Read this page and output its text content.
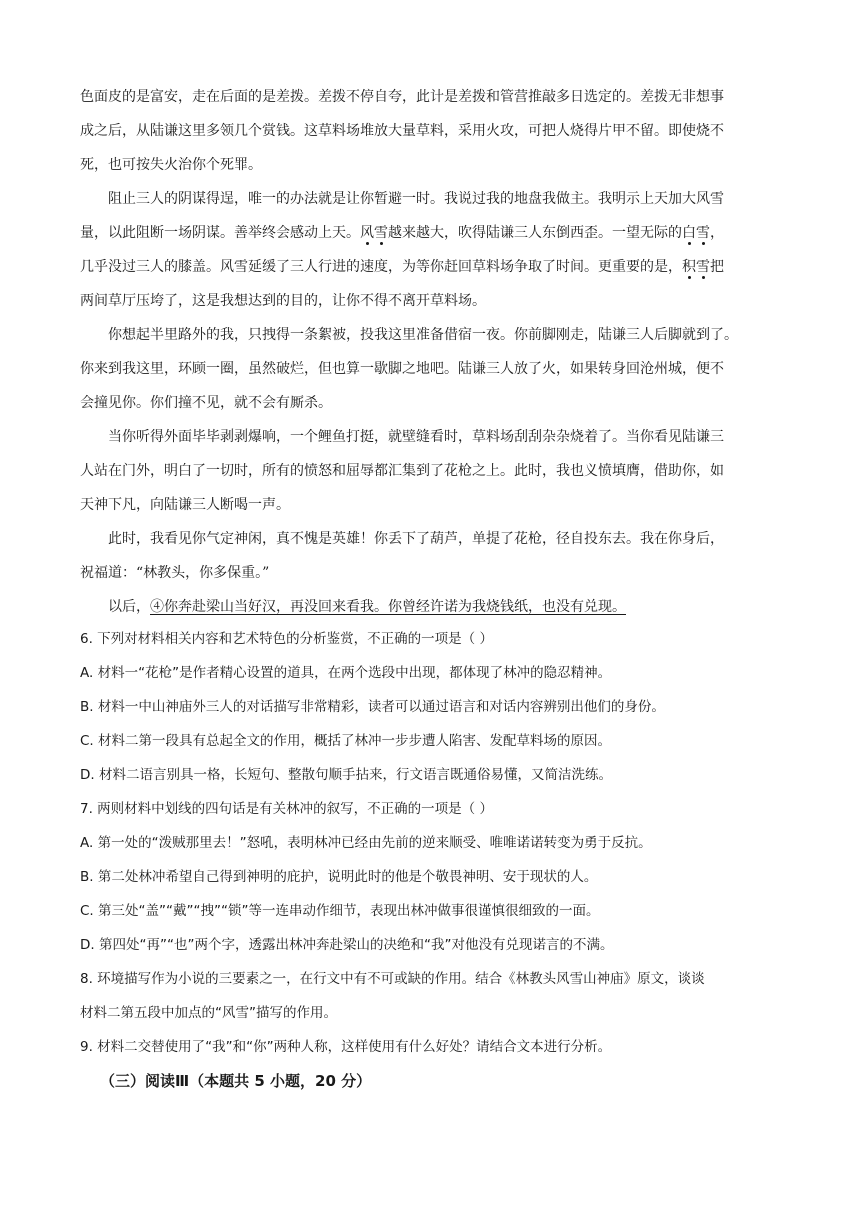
色面皮的是富安，走在后面的是差拨。差拨不停自夸，此计是差拨和管营推敲多日选定的。差拨无非想事
成之后，从陆谦这里多领几个赏钱。这草料场堆放大量草料，采用火攻，可把人烧得片甲不留。即使烧不
死，也可按失火治你个死罪。

阻止三人的阴谋得逞，唯一的办法就是让你暂避一时。我说过我的地盘我做主。我明示上天加大风雪
量，以此阻断一场阴谋。善举终会感动上天。风雪越来越大，吹得陆谦三人东倒西歪。一望无际的白雪，
几乎没过三人的膝盖。风雪延缓了三人行进的速度，为等你赶回草料场争取了时间。更重要的是，积雪把
两间草厅压垮了，这是我想达到的目的，让你不得不离开草料场。

你想起半里路外的我，只拽得一条絮被，投我这里准备借宿一夜。你前脚刚走，陆谦三人后脚就到了。
你来到我这里，环顾一圈，虽然破烂，但也算一歇脚之地吧。陆谦三人放了火，如果转身回沧州城，便不
会撞见你。你们撞不见，就不会有厮杀。

当你听得外面毕毕剥剥爆响，一个鲤鱼打挺，就壁缝看时，草料场刮刮杂杂烧着了。当你看见陆谦三
人站在门外，明白了一切时，所有的愤怒和屈辱都汇集到了花枪之上。此时，我也义愤填膺，借助你，如
天神下凡，向陆谦三人断喝一声。

此时，我看见你气定神闲，真不愧是英雄！你丢下了葫芦，单提了花枪，径自投东去。我在你身后，
祝福道：“林教头，你多保重。”

以后，④你奔赴梁山当好汉，再没回来看我。你曾经许诺为我烧钱纸，也没有兑现。

6. 下列对材料相关内容和艺术特色的分析鉴赏，不正确的一项是（ ）

A. 材料一“花枪”是作者精心设置的道具，在两个选段中出现，都体现了林冲的隐忍精神。

B. 材料一中山神庙外三人的对话描写非常精彩，读者可以通过语言和对话内容辨别出他们的身份。

C. 材料二第一段具有总起全文的作用，概括了林冲一步步遭人陷害、发配草料场的原因。

D. 材料二语言别具一格，长短句、整散句顺手拈来，行文语言既通俗易懂，又简洁洗练。

7. 两则材料中划线的四句话是有关林冲的叙写，不正确的一项是（ ）

A. 第一处的“泼贼那里去！”怒吼，表明林冲已经由先前的逆来顺受、唯唯诺诺转变为勇于反抗。

B. 第二处林冲希望自己得到神明的庇护，说明此时的他是个敬畏神明、安于现状的人。

C. 第三处“盖”“戴”“拽”“锁”等一连串动作细节，表现出林冲做事很谨慎很细致的一面。

D. 第四处“再”“也”两个字，透露出林冲奔赴梁山的决绝和“我”对他没有兑现诺言的不满。

8. 环境描写作为小说的三要素之一，在行文中有不可或缺的作用。结合《林教头风雪山神庙》原文，谈谈

材料二第五段中加点的“风雪”描写的作用。

9. 材料二交替使用了“我”和“你”两种人称，这样使用有什么好处？请结合文本进行分析。

（三）阅读Ⅲ（本题共 5 小题，20 分）
